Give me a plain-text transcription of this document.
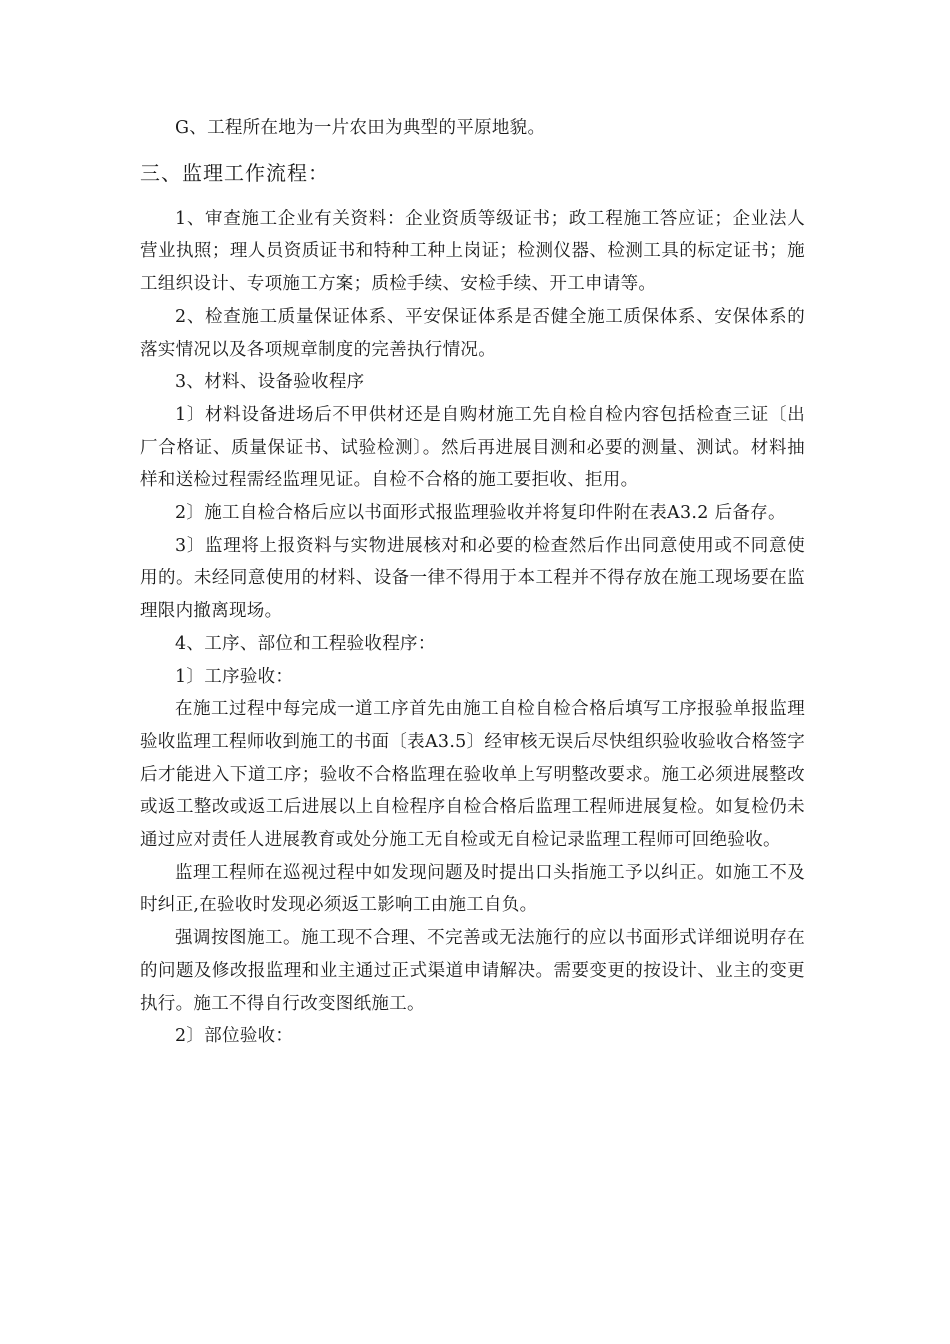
G、工程所在地为一片农田为典型的平原地貌。

三、监理工作流程：

1、审查施工企业有关资料：企业资质等级证书；政工程施工答应证；企业法人营业执照；理人员资质证书和特种工种上岗证；检测仪器、检测工具的标定证书；施工组织设计、专项施工方案；质检手续、安检手续、开工申请等。

2、检查施工质量保证体系、平安保证体系是否健全施工质保体系、安保体系的落实情况以及各项规章制度的完善执行情况。

3、材料、设备验收程序

1〕材料设备进场后不甲供材还是自购材施工先自检自检内容包括检查三证〔出厂合格证、质量保证书、试验检测〕。然后再进展目测和必要的测量、测试。材料抽样和送检过程需经监理见证。自检不合格的施工要拒收、拒用。

2〕施工自检合格后应以书面形式报监理验收并将复印件附在表A3.2 后备存。

3〕监理将上报资料与实物进展核对和必要的检查然后作出同意使用或不同意使用的。未经同意使用的材料、设备一律不得用于本工程并不得存放在施工现场要在监理限内撤离现场。

4、工序、部位和工程验收程序：

1〕工序验收：

在施工过程中每完成一道工序首先由施工自检自检合格后填写工序报验单报监理验收监理工程师收到施工的书面〔表A3.5〕经审核无误后尽快组织验收验收合格签字后才能进入下道工序；验收不合格监理在验收单上写明整改要求。施工必须进展整改或返工整改或返工后进展以上自检程序自检合格后监理工程师进展复检。如复检仍未通过应对责任人进展教育或处分施工无自检或无自检记录监理工程师可回绝验收。

监理工程师在巡视过程中如发现问题及时提出口头指施工予以纠正。如施工不及时纠正,在验收时发现必须返工影响工由施工自负。

强调按图施工。施工现不合理、不完善或无法施行的应以书面形式详细说明存在的问题及修改报监理和业主通过正式渠道申请解决。需要变更的按设计、业主的变更执行。施工不得自行改变图纸施工。

2〕部位验收：
